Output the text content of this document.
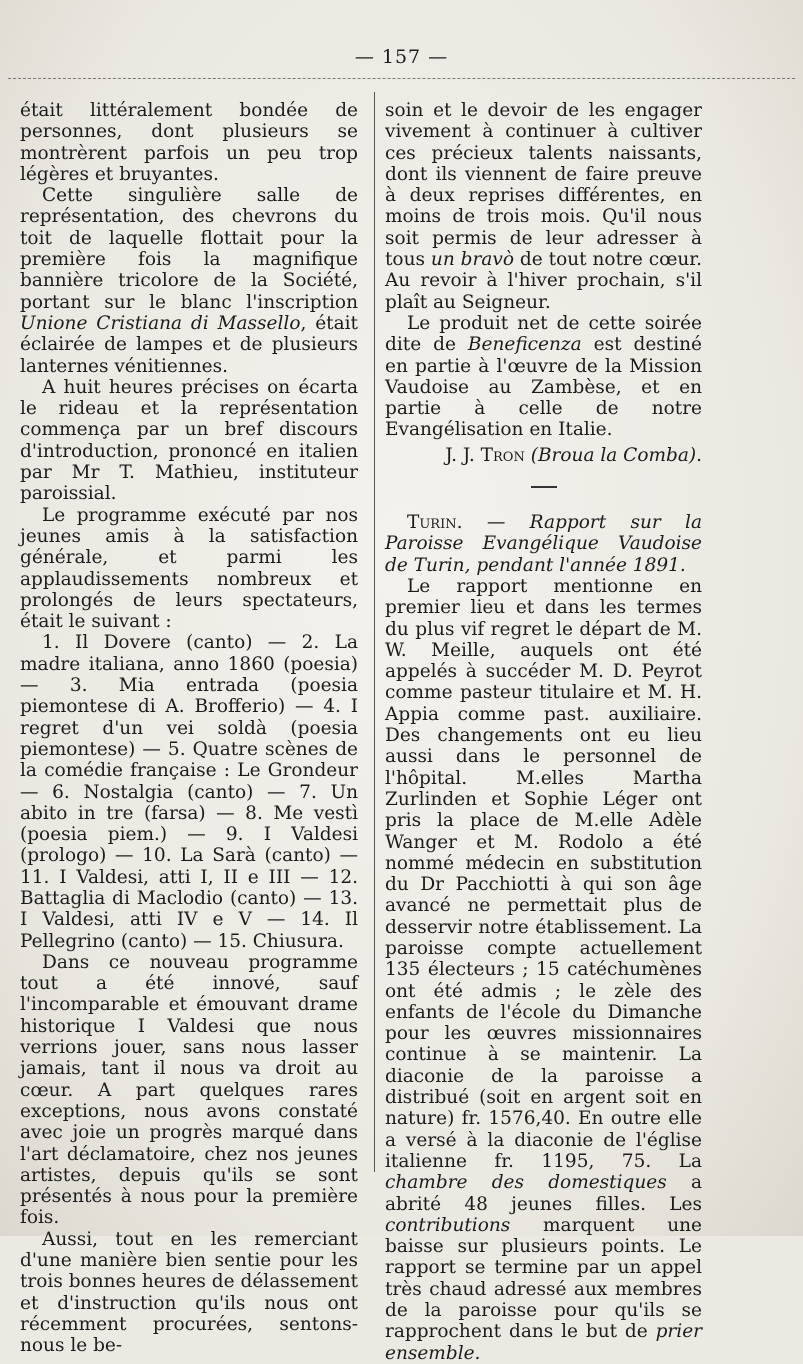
— 157 —

était littéralement bondée de personnes, dont plusieurs se montrèrent parfois un peu trop légères et bruyantes.

Cette singulière salle de représentation, des chevrons du toit de laquelle flottait pour la première fois la magnifique bannière tricolore de la Société, portant sur le blanc l'inscription Unione Cristiana di Massello, était éclairée de lampes et de plusieurs lanternes vénitiennes.

A huit heures précises on écarta le rideau et la représentation commença par un bref discours d'introduction, prononcé en italien par Mr T. Mathieu, instituteur paroissial.

Le programme exécuté par nos jeunes amis à la satisfaction générale, et parmi les applaudissements nombreux et prolongés de leurs spectateurs, était le suivant :

1. Il Dovere (canto) — 2. La madre italiana, anno 1860 (poesia) — 3. Mia entrada (poesia piemontese di A. Brofferio) — 4. I regret d'un vei soldà (poesia piemontese) — 5. Quatre scènes de la comédie française : Le Grondeur — 6. Nostalgia (canto) — 7. Un abito in tre (farsa) — 8. Me vestì (poesia piem.) — 9. I Valdesi (prologo) — 10. La Sarà (canto) — 11. I Valdesi, atti I, II e III — 12. Battaglia di Maclodio (canto) — 13. I Valdesi, atti IV e V — 14. Il Pellegrino (canto) — 15. Chiusura.

Dans ce nouveau programme tout a été innové, sauf l'incomparable et émouvant drame historique I Valdesi que nous verrions jouer, sans nous lasser jamais, tant il nous va droit au cœur. A part quelques rares exceptions, nous avons constaté avec joie un progrès marqué dans l'art déclamatoire, chez nos jeunes artistes, depuis qu'ils se sont présentés à nous pour la première fois.

Aussi, tout en les remerciant d'une manière bien sentie pour les trois bonnes heures de délassement et d'instruction qu'ils nous ont récemment procurées, sentons-nous le be-

soin et le devoir de les engager vivement à continuer à cultiver ces précieux talents naissants, dont ils viennent de faire preuve à deux reprises différentes, en moins de trois mois. Qu'il nous soit permis de leur adresser à tous un bravò de tout notre cœur. Au revoir à l'hiver prochain, s'il plaît au Seigneur.

Le produit net de cette soirée dite de Beneficenza est destiné en partie à l'œuvre de la Mission Vaudoise au Zambèse, et en partie à celle de notre Evangélisation en Italie.

J. J. Tron (Broua la Comba).

Turin. — Rapport sur la Paroisse Evangélique Vaudoise de Turin, pendant l'année 1891.

Le rapport mentionne en premier lieu et dans les termes du plus vif regret le départ de M. W. Meille, auquels ont été appelés à succéder M. D. Peyrot comme pasteur titulaire et M. H. Appia comme past. auxiliaire. Des changements ont eu lieu aussi dans le personnel de l'hôpital. M.elles Martha Zurlinden et Sophie Léger ont pris la place de M.elle Adèle Wanger et M. Rodolo a été nommé médecin en substitution du Dr Pacchiotti à qui son âge avancé ne permettait plus de desservir notre établissement. La paroisse compte actuellement 135 électeurs ; 15 catéchumènes ont été admis ; le zèle des enfants de l'école du Dimanche pour les œuvres missionnaires continue à se maintenir. La diaconie de la paroisse a distribué (soit en argent soit en nature) fr. 1576,40. En outre elle a versé à la diaconie de l'église italienne fr. 1195, 75. La chambre des domestiques a abrité 48 jeunes filles. Les contributions marquent une baisse sur plusieurs points. Le rapport se termine par un appel très chaud adressé aux membres de la paroisse pour qu'ils se rapprochent dans le but de prier ensemble.
